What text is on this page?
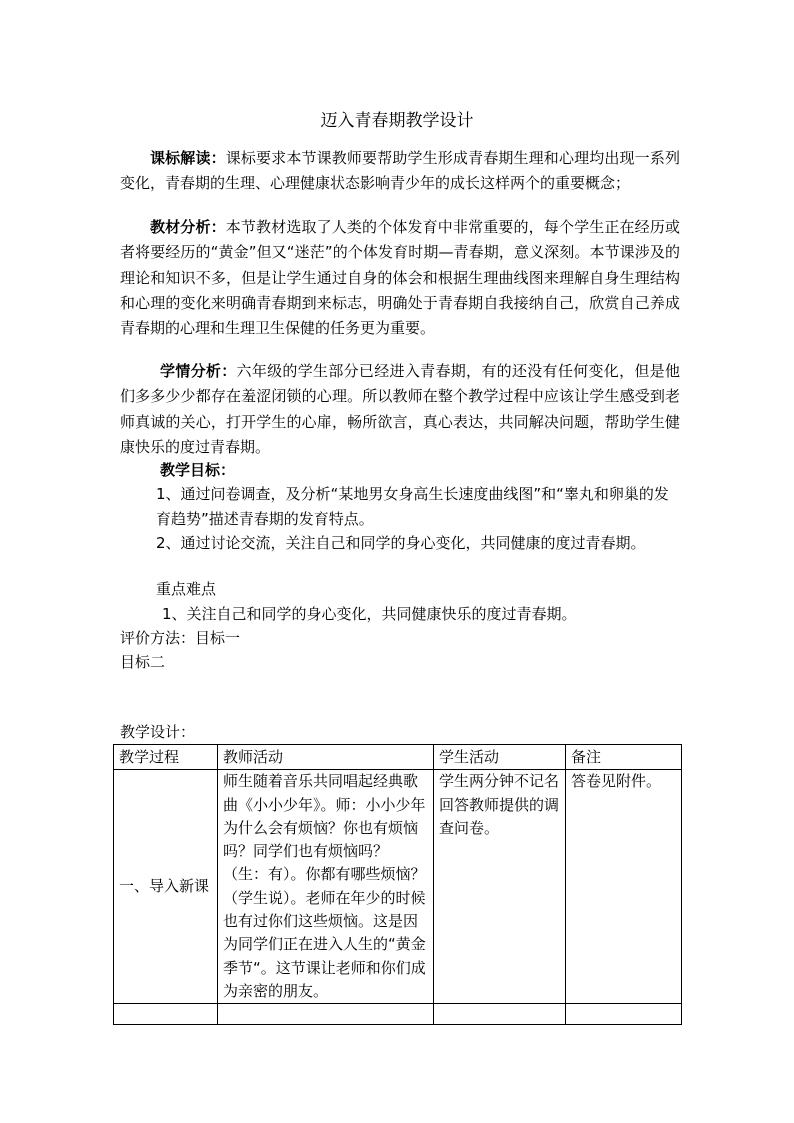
迈入青春期教学设计

课标解读：课标要求本节课教师要帮助学生形成青春期生理和心理均出现一系列变化，青春期的生理、心理健康状态影响青少年的成长这样两个的重要概念；

教材分析：本节教材选取了人类的个体发育中非常重要的，每个学生正在经历或者将要经历的“黄金”但又“迷茫”的个体发育时期—青春期，意义深刻。本节课涉及的理论和知识不多，但是让学生通过自身的体会和根据生理曲线图来理解自身生理结构和心理的变化来明确青春期到来标志，明确处于青春期自我接纳自己，欣赏自己养成青春期的心理和生理卫生保健的任务更为重要。

学情分析：六年级的学生部分已经进入青春期，有的还没有任何变化，但是他们多多少少都存在羞涩闭锁的心理。所以教师在整个教学过程中应该让学生感受到老师真诚的关心，打开学生的心扉，畅所欲言，真心表达，共同解决问题，帮助学生健康快乐的度过青春期。

教学目标：

1、通过问卷调查，及分析“某地男女身高生长速度曲线图”和“睾丸和卵巢的发育趋势”描述青春期的发育特点。

2、通过讨论交流，关注自己和同学的身心变化，共同健康的度过青春期。

重点难点

1、关注自己和同学的身心变化，共同健康快乐的度过青春期。

评价方法：目标一

目标二

教学设计：

教学过程	教师活动	学生活动	备注
一、导入新课	师生随着音乐共同唱起经典歌曲《小小少年》。师：小小少年为什么会有烦恼？你也有烦恼吗？同学们也有烦恼吗？（生：有）。你都有哪些烦恼？（学生说）。老师在年少的时候也有过你们这些烦恼。这是因为同学们正在进入人生的“黄金季节“。这节课让老师和你们成为亲密的朋友。	学生两分钟不记名回答教师提供的调查问卷。	答卷见附件。
